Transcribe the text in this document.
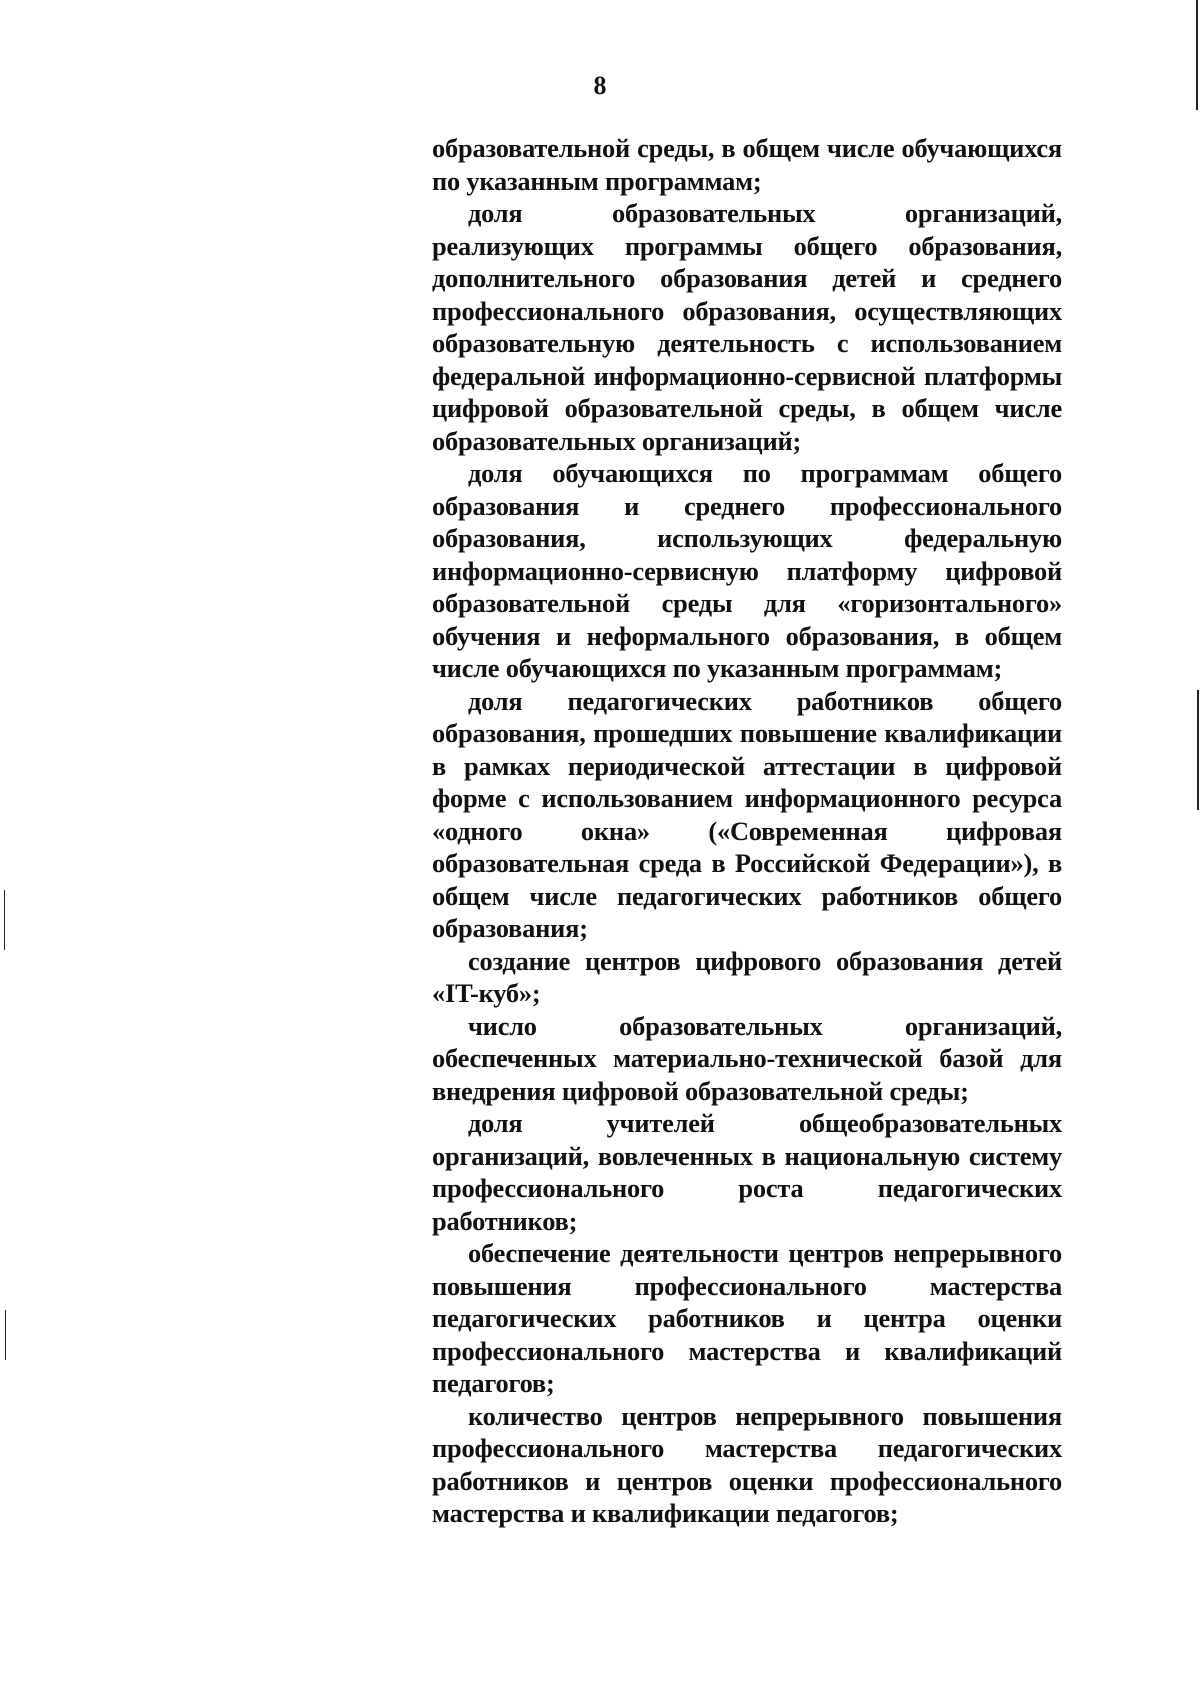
8

образовательной среды, в общем числе обучающихся по указанным программам;

доля образовательных организаций, реализующих программы общего образования, дополнительного образования детей и среднего профессионального образования, осуществляющих образовательную деятельность с использованием федеральной информационно-сервисной платформы цифровой образовательной среды, в общем числе образовательных организаций;

доля обучающихся по программам общего образования и среднего профессионального образования, использующих федеральную информационно-сервисную платформу цифровой образовательной среды для «горизонтального» обучения и неформального образования, в общем числе обучающихся по указанным программам;

доля педагогических работников общего образования, прошедших повышение квалификации в рамках периодической аттестации в цифровой форме с использованием информационного ресурса «одного окна» («Современная цифровая образовательная среда в Российской Федерации»), в общем числе педагогических работников общего образования;

создание центров цифрового образования детей «IT-куб»;

число образовательных организаций, обеспеченных материально-технической базой для внедрения цифровой образовательной среды;

доля учителей общеобразовательных организаций, вовлеченных в национальную систему профессионального роста педагогических работников;

обеспечение деятельности центров непрерывного повышения профессионального мастерства педагогических работников и центра оценки профессионального мастерства и квалификаций педагогов;

количество центров непрерывного повышения профессионального мастерства педагогических работников и центров оценки профессионального мастерства и квалификации педагогов;
